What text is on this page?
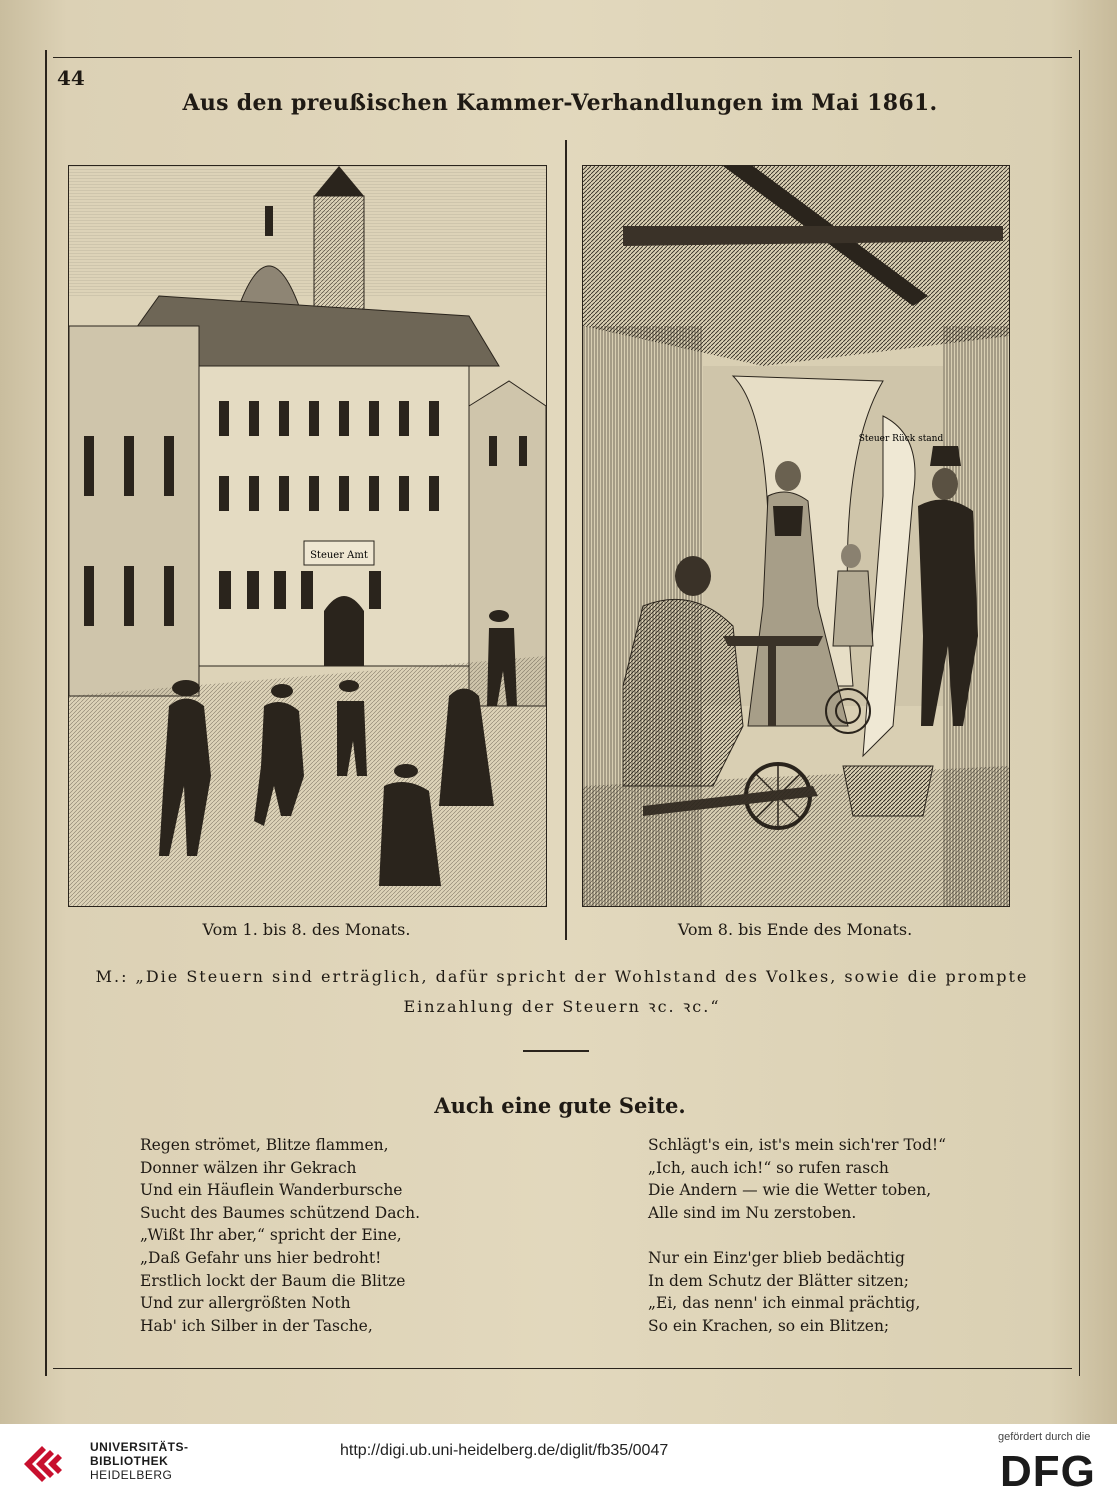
44
Aus den preußischen Kammer-Verhandlungen im Mai 1861.
Steuer Amt
Steuer Rück stand
Vom 1. bis 8. des Monats.	Vom 8. bis Ende des Monats.
M.: „Die Steuern sind erträglich, dafür spricht der Wohlstand des Volkes, sowie die prompte Einzahlung der Steuern ꝛc. ꝛc.“
Auch eine gute Seite.
Regen strömet, Blitze flammen,
Donner wälzen ihr Gekrach
Und ein Häuflein Wanderbursche
Sucht des Baumes schützend Dach.
„Wißt Ihr aber,“ spricht der Eine,
„Daß Gefahr uns hier bedroht!
Erstlich lockt der Baum die Blitze
Und zur allergrößten Noth
Hab' ich Silber in der Tasche,
Schlägt's ein, ist's mein sich'rer Tod!“
„Ich, auch ich!“ so rufen rasch
Die Andern — wie die Wetter toben,
Alle sind im Nu zerstoben.
Nur ein Einz'ger blieb bedächtig
In dem Schutz der Blätter sitzen;
„Ei, das nenn' ich einmal prächtig,
So ein Krachen, so ein Blitzen;
UNIVERSITÄTS-
BIBLIOTHEK
HEIDELBERG
http://digi.ub.uni-heidelberg.de/diglit/fb35/0047
gefördert durch die
DFG
